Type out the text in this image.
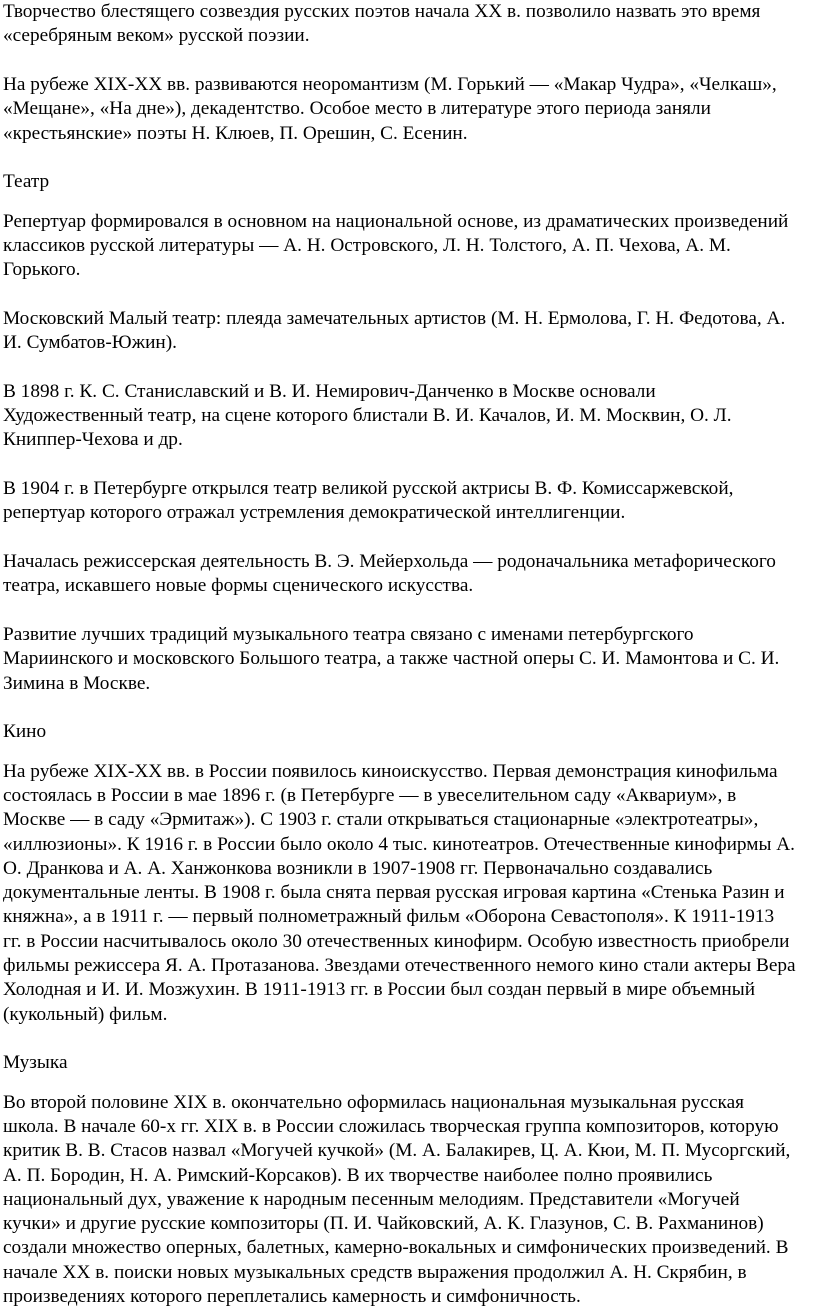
Творчество блестящего созвездия русских поэтов начала XX в. позволило назвать это время
«серебряным веком» русской поэзии.

На рубеже XIX-XX вв. развиваются неоромантизм (М. Горький — «Макар Чудра», «Челкаш»,
«Мещане», «На дне»), декадентство. Особое место в литературе этого периода заняли
«крестьянские» поэты Н. Клюев, П. Орешин, С. Есенин.

Театр

Репертуар формировался в основном на национальной основе, из драматических произведений
классиков русской литературы — А. Н. Островского, Л. Н. Толстого, А. П. Чехова, А. М.
Горького.

Московский Малый театр: плеяда замечательных артистов (М. Н. Ермолова, Г. Н. Федотова, А.
И. Сумбатов-Южин).

В 1898 г. К. С. Станиславский и В. И. Немирович-Данченко в Москве основали
Художественный театр, на сцене которого блистали В. И. Качалов, И. М. Москвин, О. Л.
Книппер-Чехова и др.

В 1904 г. в Петербурге открылся театр великой русской актрисы В. Ф. Комиссаржевской,
репертуар которого отражал устремления демократической интеллигенции.

Началась режиссерская деятельность В. Э. Мейерхольда — родоначальника метафорического
театра, искавшего новые формы сценического искусства.

Развитие лучших традиций музыкального театра связано с именами петербургского
Мариинского и московского Большого театра, а также частной оперы С. И. Мамонтова и С. И.
Зимина в Москве.

Кино

На рубеже XIX-XX вв. в России появилось киноискусство. Первая демонстрация кинофильма
состоялась в России в мае 1896 г. (в Петербурге — в увеселительном саду «Аквариум», в
Москве — в саду «Эрмитаж»). С 1903 г. стали открываться стационарные «электротеатры»,
«иллюзионы». К 1916 г. в России было около 4 тыс. кинотеатров. Отечественные кинофирмы А.
О. Дранкова и А. А. Ханжонкова возникли в 1907-1908 гг. Первоначально создавались
документальные ленты. В 1908 г. была снята первая русская игровая картина «Стенька Разин и
княжна», а в 1911 г. — первый полнометражный фильм «Оборона Севастополя». К 1911-1913
гг. в России насчитывалось около 30 отечественных кинофирм. Особую известность приобрели
фильмы режиссера Я. А. Протазанова. Звездами отечественного немого кино стали актеры Вера
Холодная и И. И. Мозжухин. В 1911-1913 гг. в России был создан первый в мире объемный
(кукольный) фильм.

Музыка

Во второй половине XIX в. окончательно оформилась национальная музыкальная русская
школа. В начале 60-х гг. XIX в. в России сложилась творческая группа композиторов, которую
критик В. В. Стасов назвал «Могучей кучкой» (М. А. Балакирев, Ц. А. Кюи, М. П. Мусоргский,
А. П. Бородин, Н. А. Римский-Корсаков). В их творчестве наиболее полно проявились
национальный дух, уважение к народным песенным мелодиям. Представители «Могучей
кучки» и другие русские композиторы (П. И. Чайковский, А. К. Глазунов, С. В. Рахманинов)
создали множество оперных, балетных, камерно-вокальных и симфонических произведений. В
начале XX в. поиски новых музыкальных средств выражения продолжил А. Н. Скрябин, в
произведениях которого переплетались камерность и симфоничность.
